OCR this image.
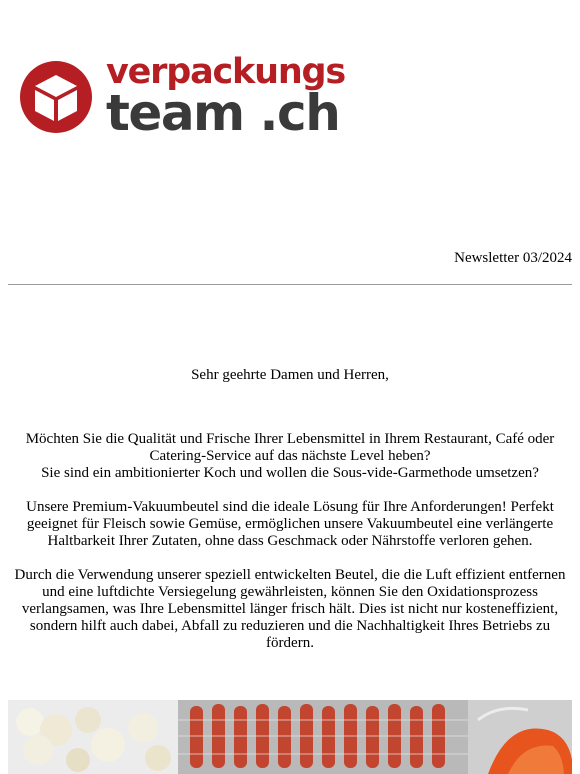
verpackungs
team .ch
Newsletter 03/2024
Sehr geehrte Damen und Herren,
Möchten Sie die Qualität und Frische Ihrer Lebensmittel in Ihrem Restaurant, Café oder Catering-Service auf das nächste Level heben?
Sie sind ein ambitionierter Koch und wollen die Sous-vide-Garmethode umsetzen?
Unsere Premium-Vakuumbeutel sind die ideale Lösung für Ihre Anforderungen! Perfekt geeignet für Fleisch sowie Gemüse, ermöglichen unsere Vakuumbeutel eine verlängerte Haltbarkeit Ihrer Zutaten, ohne dass Geschmack oder Nährstoffe verloren gehen.
Durch die Verwendung unserer speziell entwickelten Beutel, die die Luft effizient entfernen und eine luftdichte Versiegelung gewährleisten, können Sie den Oxidationsprozess verlangsamen, was Ihre Lebensmittel länger frisch hält. Dies ist nicht nur kosteneffizient, sondern hilft auch dabei, Abfall zu reduzieren und die Nachhaltigkeit Ihres Betriebs zu fördern.
